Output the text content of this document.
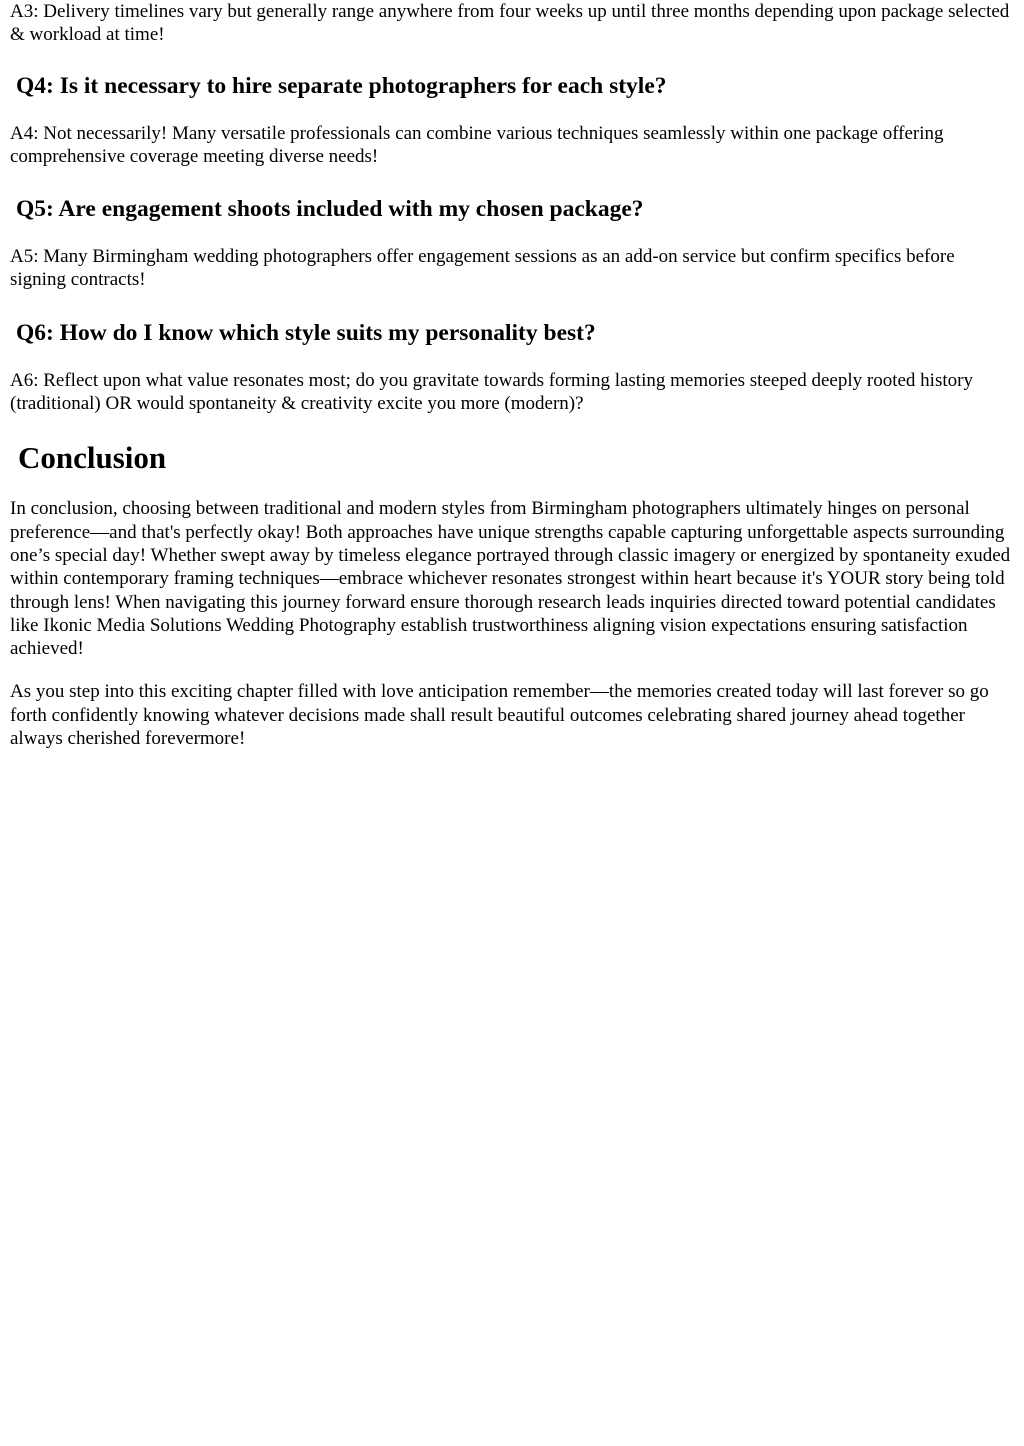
A3: Delivery timelines vary but generally range anywhere from four weeks up until three months depending upon package selected & workload at time!

Q4: Is it necessary to hire separate photographers for each style?

A4: Not necessarily! Many versatile professionals can combine various techniques seamlessly within one package offering comprehensive coverage meeting diverse needs!

Q5: Are engagement shoots included with my chosen package?

A5: Many Birmingham wedding photographers offer engagement sessions as an add-on service but confirm specifics before signing contracts!

Q6: How do I know which style suits my personality best?

A6: Reflect upon what value resonates most; do you gravitate towards forming lasting memories steeped deeply rooted history (traditional) OR would spontaneity & creativity excite you more (modern)?

Conclusion

In conclusion, choosing between traditional and modern styles from Birmingham photographers ultimately hinges on personal preference—and that's perfectly okay! Both approaches have unique strengths capable capturing unforgettable aspects surrounding one’s special day! Whether swept away by timeless elegance portrayed through classic imagery or energized by spontaneity exuded within contemporary framing techniques—embrace whichever resonates strongest within heart because it's YOUR story being told through lens! When navigating this journey forward ensure thorough research leads inquiries directed toward potential candidates like Ikonic Media Solutions Wedding Photography establish trustworthiness aligning vision expectations ensuring satisfaction achieved!

As you step into this exciting chapter filled with love anticipation remember—the memories created today will last forever so go forth confidently knowing whatever decisions made shall result beautiful outcomes celebrating shared journey ahead together always cherished forevermore!
